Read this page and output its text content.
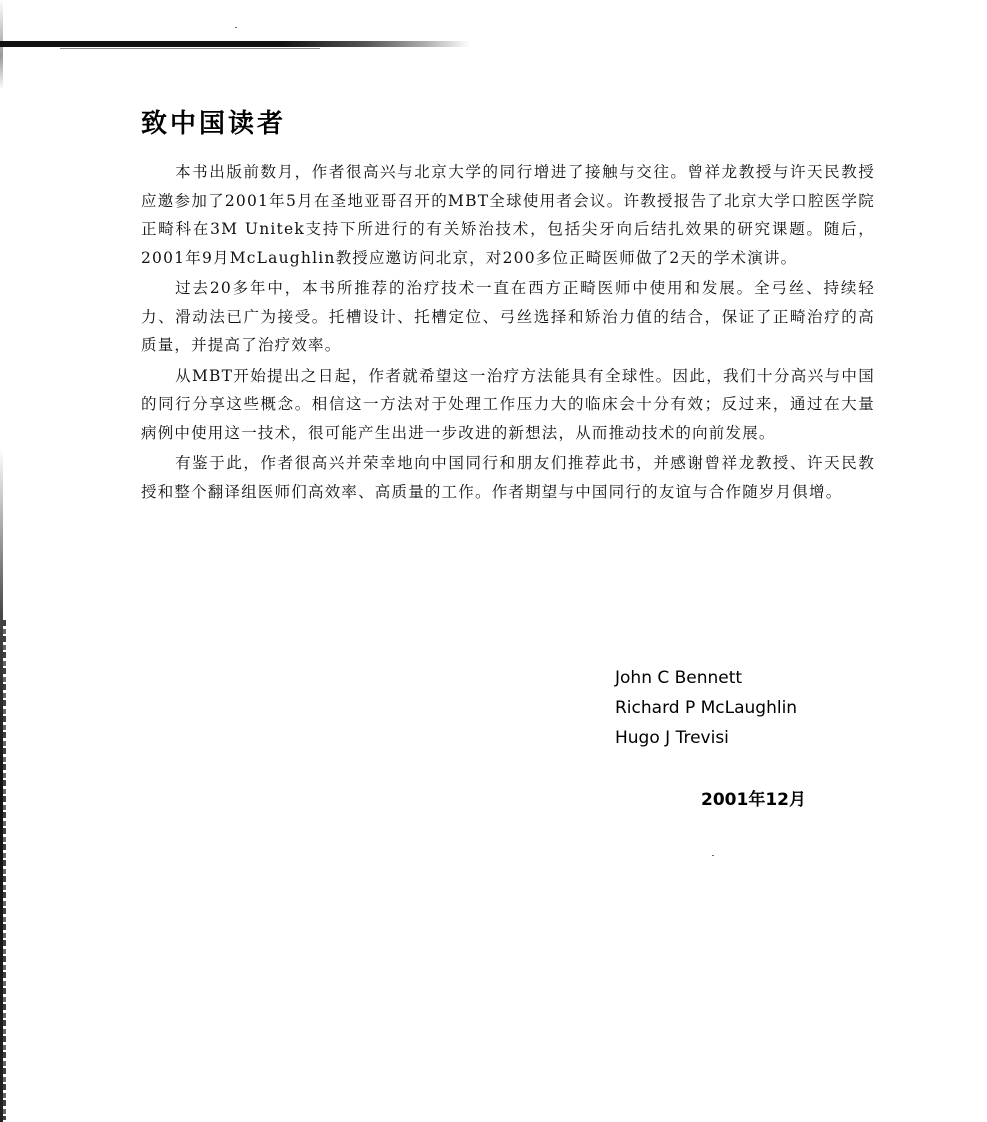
致中国读者

本书出版前数月，作者很高兴与北京大学的同行增进了接触与交往。曾祥龙教授与许天民教授应邀参加了2001年5月在圣地亚哥召开的MBT全球使用者会议。许教授报告了北京大学口腔医学院正畸科在3M Unitek支持下所进行的有关矫治技术，包括尖牙向后结扎效果的研究课题。随后，2001年9月McLaughlin教授应邀访问北京，对200多位正畸医师做了2天的学术演讲。

过去20多年中，本书所推荐的治疗技术一直在西方正畸医师中使用和发展。全弓丝、持续轻力、滑动法已广为接受。托槽设计、托槽定位、弓丝选择和矫治力值的结合，保证了正畸治疗的高质量，并提高了治疗效率。

从MBT开始提出之日起，作者就希望这一治疗方法能具有全球性。因此，我们十分高兴与中国的同行分享这些概念。相信这一方法对于处理工作压力大的临床会十分有效；反过来，通过在大量病例中使用这一技术，很可能产生出进一步改进的新想法，从而推动技术的向前发展。

有鉴于此，作者很高兴并荣幸地向中国同行和朋友们推荐此书，并感谢曾祥龙教授、许天民教授和整个翻译组医师们高效率、高质量的工作。作者期望与中国同行的友谊与合作随岁月俱增。

John C Bennett
Richard P McLaughlin
Hugo J Trevisi
2001年12月
